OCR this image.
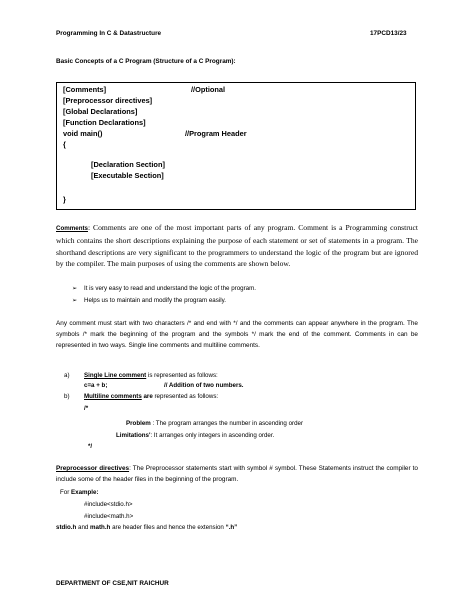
Programming In C & Datastructure	17PCD13/23
Basic Concepts of a C Program (Structure of a C Program):
[Comments]	//Optional
[Preprocessor directives]
[Global Declarations]
[Function Declarations]
void main()	//Program Header
{
[Declaration Section]
[Executable Section]
}
Comments: Comments are one of the most important parts of any program. Comment is a Programming construct which contains the short descriptions explaining the purpose of each statement or set of statements in a program. The shorthand descriptions are very significant to the programmers to understand the logic of the program but are ignored by the compiler. The main purposes of using the comments are shown below.
➢ It is very easy to read and understand the logic of the program.
➢ Helps us to maintain and modify the program easily.
Any comment must start with two characters /* and end with */ and the comments can appear anywhere in the program. The symbols /* mark the beginning of the program and the symbols */ mark the end of the comment. Comments in can be represented in two ways. Single line comments and multiline comments.
a) Single Line comment is represented as follows:
c=a + b;	// Addition of two numbers.
b) Multiline comments are represented as follows:
/*
Problem : The program arranges the number in ascending order
Limitations': It arranges only integers in ascending order.
*/
Preprocessor directives: The Preprocessor statements start with symbol # symbol. These Statements instruct the compiler to include some of the header files in the beginning of the program.
For Example:
#include<stdio.h>
#include<math.h>
stdio.h and math.h are header files and hence the extension “.h”
DEPARTMENT OF CSE,NIT RAICHUR
